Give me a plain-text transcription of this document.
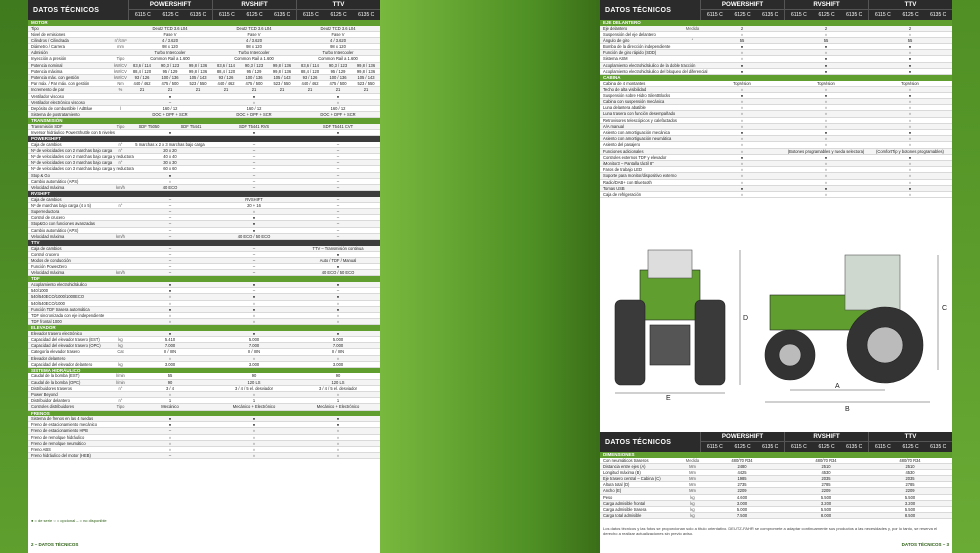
DATOS TÉCNICOS
POWERSHIFT
6115 C	6125 C	6135 C
RVSHIFT
6115 C	6125 C	6135 C
TTV
6115 C	6125 C	6135 C
MOTOR
Tipo	Deutz TCD 3.6 L04	Deutz TCD 3.6 L04	Deutz TCD 3.6 L04
Nivel de emisiones	Fase V	Fase V	Fase V
Cilindros / Cilindrada	n°/cm³	4 / 3.620	4 / 3.620	4 / 3.620
Diámetro / Carrera	mm	98 x 120	98 x 120	98 x 120
Admisión	Turbo Intercooler	Turbo Intercooler	Turbo Intercooler
Inyección a presión	Tipo	Common Rail a 1.600	Common Rail a 1.600	Common Rail a 1.600
Potencia nominal	kW/CV	83,6 / 114	90,3 / 123	99,8 / 136	83,6 / 114	90,3 / 123	99,8 / 136	83,6 / 114	90,3 / 123	99,8 / 136
Potencia máxima	kW/CV	88,4 / 120	95 / 129	99,8 / 136	88,4 / 120	95 / 129	99,8 / 136	88,4 / 120	95 / 129	99,8 / 136
Potencia máx. con gestión	kW/CV	93 / 126	100 / 136	105 / 143	93 / 126	100 / 136	105 / 143	93 / 126	100 / 136	105 / 143
Par máx. / Par máx. con gestión	Nm	440 / 462	475 / 500	523 / 550	440 / 462	475 / 500	523 / 550	440 / 462	475 / 500	523 / 550
Incremento de par	%	21	21	21	21	21	21	21	21	21
Ventilador viscoso	●	●	●
Ventilador electrónico viscoso	–	○	○
Depósito de combustible / AdBlue	l	160 / 12	160 / 12	160 / 12
Sistema de postratamiento	DOC + DPF + SCR	DOC + DPF + SCR	DOC + DPF + SCR
TRANSMISIÓN
Transmisión SDF	Tipo	SDF T5050	SDF T5441	SDF T5441 RVS	SDF T5441 CVT
Inversor hidráulico PowerShuttle con 5 niveles	●	●	●
POWERSHIFT
Caja de cambios	n°	5 marchas x 2 x 3 marchas bajo carga	–	–
Nº de velocidades con 2 marchas bajo carga	n°	20 x 20	–	–
Nº de velocidades con 2 marchas bajo carga y reductora	40 x 40	–	–
Nº de velocidades con 3 marchas bajo carga	n°	30 x 30	–	–
Nº de velocidades con 3 marchas bajo carga y reductora	60 x 60	–	–
Stop & Go	●	–	–
Cambio automático (APS)	○	–	–
Velocidad máxima	km/h	40 ECO	–	–
RVSHIFT
Caja de cambios	–	RVSHIFT	–
Nº de marchas bajo carga (4 x 5)	n°	–	20 + 16	–
Superreductora	–	○	–
Control de crucero	–	●	–
Stop&Go con funciones avanzadas	–	●	–
Cambio automático (APS)	–	●	–
Velocidad máxima	km/h	–	40 ECO / 50 ECO	–
TTV
Caja de cambios	–	–	TTV – Transmisión continua
Control crucero	–	–	●
Modos de conducción	–	–	Auto / TDF / Manual
Función PowerZero	–	–	●
Velocidad máxima	km/h	–	–	40 ECO / 50 ECO
TDF
Acoplamiento electrohidráulico	●	●	●
540/1000	●	–	–
540/540ECO/1000/1000ECO	○	●	●
540/540ECO/1000	○	○	○
Función TDF trasera automática	●	●	●
TDF sincronizada con eje independiente	○	○	○
TDF frontal 1000	○	○	○
ELEVADOR
Elevador trasero electrónico	●	●	●
Capacidad del elevador trasero (EST)	kg	5.410	5.000	5.000
Capacidad del elevador trasero (OPC)	kg	7.000	7.000	7.000
Categoría elevador trasero	Cat	II / IIIN	II / IIIN	II / IIIN
Elevador delantero	○	○	○
Capacidad del elevador delantero	kg	3.000	3.000	3.000
SISTEMA HIDRÁULICO
Caudal de la bomba (EST)	l/min	55	90	90
Caudal de la bomba (OPC)	l/min	90	120 LS	120 LS
Distribuidores traseros	n°	3 / 4	3 / 4 / 5 el. desviador	3 / 4 / 5 el. desviador
Power Beyond	○	○	○
Distribuidor delantero	n°	1	1	1
Controles distribuidores	Tipo	Mecánico	Mecánico + Electrónico	Mecánico + Electrónico
FRENOS
Sistema de frenos en las 4 ruedas	●	●	●
Freno de estacionamiento mecánico	●	●	●
Freno de estacionamiento HPB	–	○	○
Freno de remolque hidráulico	○	○	○
Freno de remolque neumático	○	○	○
Freno ABS	○	○	○
Freno hidráulico del motor (HEB)	–	○	○
● = de serie ○ = opcional – = no disponible
2 – DATOS TÉCNICOS
DATOS TÉCNICOS
POWERSHIFT
6115 C	6125 C	6135 C
RVSHIFT
6115 C	6125 C	6135 C
TTV
6115 C	6125 C	6135 C
EJE DELANTERO
Eje delantero	Medida	2	2	2
Suspensión del eje delantero	○	○	○
Ángulo de giro	°	55	55	55
Bomba de la dirección independiente	●	●	●
Función de giro rápido (SDD)	○	○	○
Sistema ASM	○	●	●
Acoplamiento electrohidráulico de la doble tracción	●	●	●
Acoplamiento electrohidráulico del bloqueo del diferencial	●	●	●
CABINA
Cabina de 4 montantes	TopVision	TopVision	TopVision
Techo de alta visibilidad	○	○	○
Suspensión sobre Hidro SilentBlocks	●	●	●
Cabina con suspensión mecánica	○	○	○
Luna delantera abatible	○	○	○
Luna trasera con función desempañado	○	○	○
Retrovisores telescópicos y calefactados	○	○	○
A/A manual	○	○	○
Asiento con amortiguación mecánica	●	●	●
Asiento con amortiguación neumática	○	○	○
Asiento del pasajero	○	○	○
Funciones adicionales	○	(Botones programables y rueda selectora)	(ComfortTip y botones programables)
Controles externos TDF y elevador	●	●	●
iMonitor3 – Pantalla táctil 8"	○	○	○
Faros de trabajo LED	○	○	○
Soporte para monitor/dispositivo externo	○	○	○
Radio/DAB+ con Bluetooth	○	○	○
Tomas USB	●	●	●
Caja de refrigeración	○	○	○
A
B
C
D
E
DATOS TÉCNICOS
POWERSHIFT
6115 C	6125 C	6135 C
RVSHIFT
6115 C	6125 C	6135 C
TTV
6115 C	6125 C	6135 C
DIMENSIONES
Con neumáticos traseros	Medida	480/70 R34	480/70 R34	480/70 R34
Distancia entre ejes (A)	Mm	2480	2510	2510
Longitud máxima (B)	Mm	4425	4530	4530
Eje trasero central – Cabina (C)	Mm	1985	2035	2035
Altura total (D)	Mm	2735	2785	2785
Ancho (E)	Mm	2209	2209	2209
Peso	kg	4.600	5.500	5.500
Carga admisible frontal	kg	3.000	3.200	3.200
Carga admisible trasera	kg	5.000	5.500	5.500
Carga total admisible	kg	7.500	8.000	8.500
Los datos técnicos y las fotos se proporcionan solo a título orientativo. DEUTZ-FAHR se compromete a adaptar continuamente sus productos a las necesidades y, por lo tanto, se reserva el derecho a realizar actualizaciones sin previo aviso.
DATOS TÉCNICOS – 3
